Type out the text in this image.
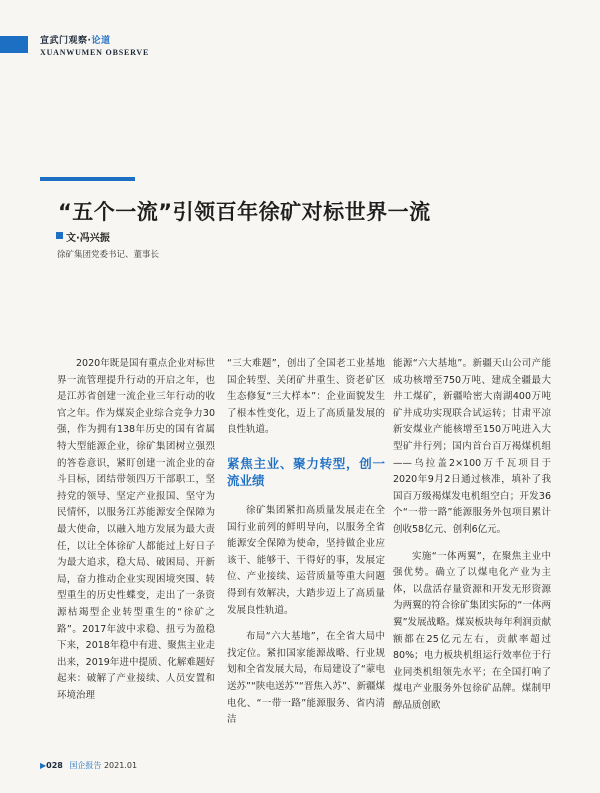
宣武门观察·论道
XUANWUMEN OBSERVE
“五个一流”引领百年徐矿对标世界一流
文·冯兴振
徐矿集团党委书记、董事长

2020年既是国有重点企业对标世界一流管理提升行动的开启之年，也是江苏省创建一流企业三年行动的收官之年。作为煤炭企业综合竞争力30强，作为拥有138年历史的国有省属特大型能源企业，徐矿集团树立强烈的答卷意识，紧盯创建一流企业的奋斗目标，团结带领四万干部职工，坚持党的领导、坚定产业报国、坚守为民情怀，以服务江苏能源安全保障为最大使命，以融入地方发展为最大责任，以让全体徐矿人都能过上好日子为最大追求，稳大局、破困局、开新局，奋力推动企业实现困境突围、转型重生的历史性蝶变，走出了一条资源枯竭型企业转型重生的“徐矿之路”。2017年波中求稳、扭亏为盈稳下来，2018年稳中有进、聚焦主业走出来，2019年进中提质、化解难题好起来：破解了产业接续、人员安置和环境治理

“三大难题”，创出了全国老工业基地国企转型、关闭矿井重生、资老矿区生态修复“三大样本”：企业面貌发生了根本性变化，迈上了高质量发展的良性轨道。

紧焦主业、聚力转型，创一流业绩

徐矿集团紧扣高质量发展走在全国行业前列的鲜明导向，以服务全省能源安全保障为使命，坚持做企业应该干、能够干、干得好的事，发展定位、产业接续、运营质量等重大问题得到有效解决，大踏步迈上了高质量发展良性轨道。

布局“六大基地”，在全省大局中找定位。紧扣国家能源战略、行业规划和全省发展大局，布局建设了“蒙电送苏”“陕电送苏”“晋焦入苏”、新疆煤电化、“一带一路”能源服务、省内清洁

能源“六大基地”。新疆天山公司产能成功核增至750万吨、建成全疆最大井工煤矿，新疆哈密大南湖400万吨矿井成功实现联合试运转；甘肃平凉新安煤业产能核增至150万吨进入大型矿井行列；国内首台百万褐煤机组——乌拉盖2×100万千瓦项目于2020年9月2日通过核准，填补了我国百万级褐煤发电机组空白；开发36个“一带一路”能源服务外包项目累计创收58亿元、创利6亿元。

实施“一体两翼”，在聚焦主业中强优势。确立了以煤电化产业为主体，以盘活存量资源和开发无形资源为两翼的符合徐矿集团实际的“一体两翼”发展战略。煤炭板块每年利润贡献额都在25亿元左右，贡献率超过80%；电力板块机组运行效率位于行业同类机组领先水平；在全国打响了煤电产业服务外包徐矿品牌。煤制甲醇品质创欧

▶028 国企报告 2021.01
